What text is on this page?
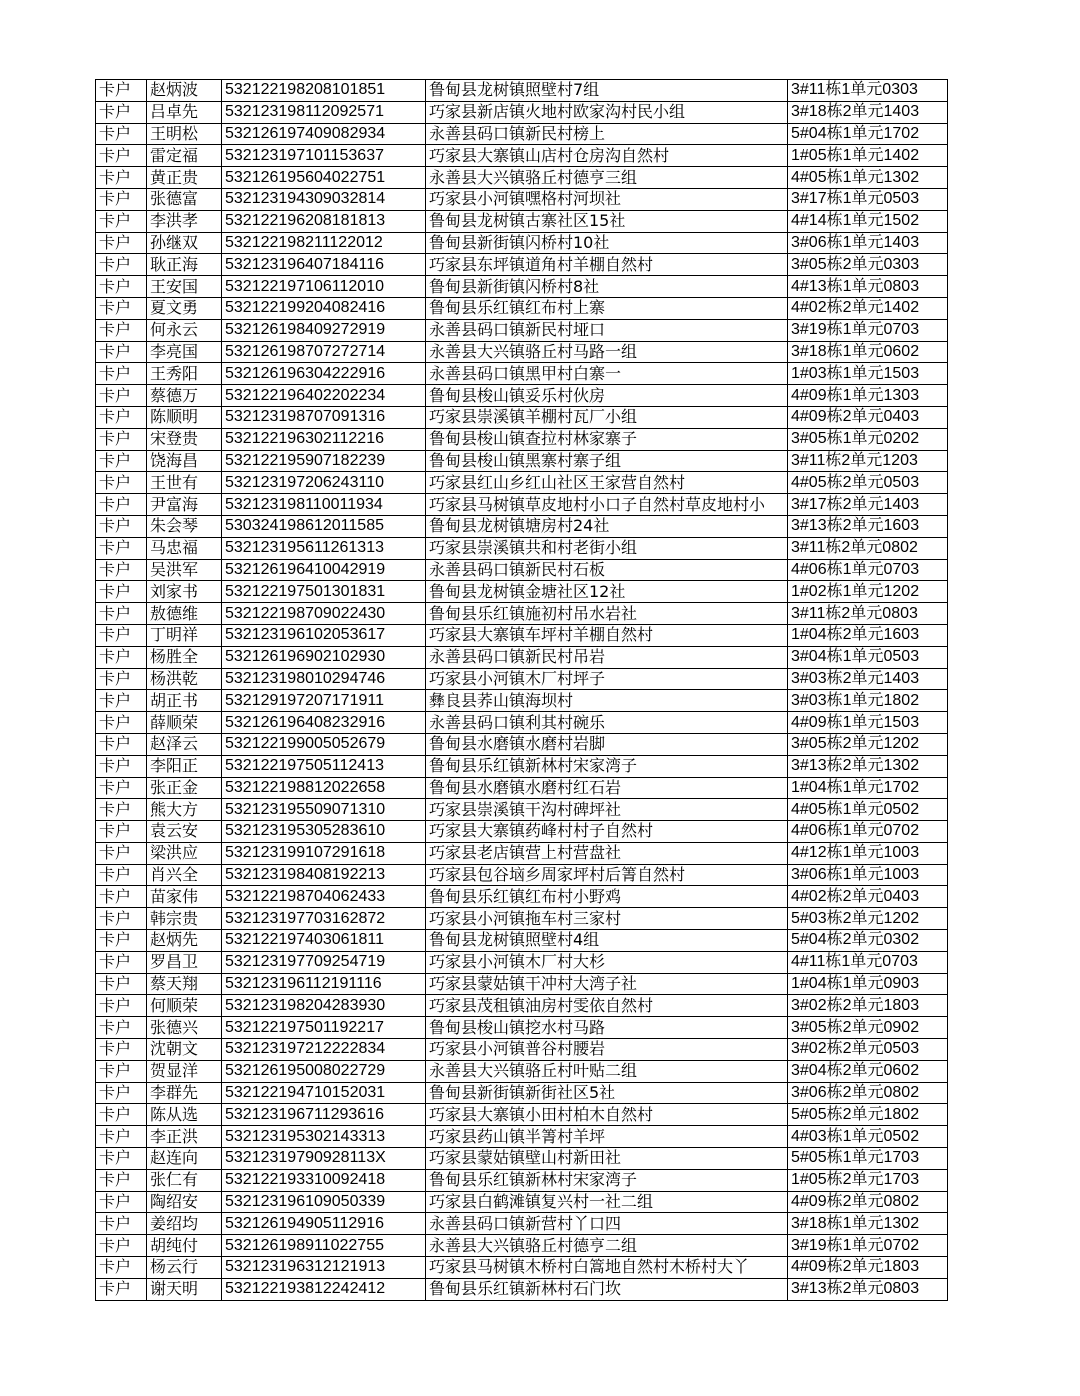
卡户	赵炳波	532122198208101851	鲁甸县龙树镇照壁村7组	3#11栋1单元0303
卡户	吕卓先	532123198112092571	巧家县新店镇火地村欧家沟村民小组	3#18栋2单元1403
卡户	王明松	532126197409082934	永善县码口镇新民村榜上	5#04栋1单元1702
卡户	雷定福	532123197101153637	巧家县大寨镇山店村仓房沟自然村	1#05栋1单元1402
卡户	黄正贵	532126195604022751	永善县大兴镇骆丘村德亨三组	4#05栋1单元1302
卡户	张德富	532123194309032814	巧家县小河镇嘿格村河坝社	3#17栋1单元0503
卡户	李洪孝	532122196208181813	鲁甸县龙树镇古寨社区15社	4#14栋1单元1502
卡户	孙继双	532122198211122012	鲁甸县新街镇闪桥村10社	3#06栋1单元1403
卡户	耿正海	532123196407184116	巧家县东坪镇道角村羊棚自然村	3#05栋2单元0303
卡户	王安国	532122197106112010	鲁甸县新街镇闪桥村8社	4#13栋1单元0803
卡户	夏文勇	532122199204082416	鲁甸县乐红镇红布村上寨	4#02栋2单元1402
卡户	何永云	532126198409272919	永善县码口镇新民村垭口	3#19栋1单元0703
卡户	李亮国	532126198707272714	永善县大兴镇骆丘村马路一组	3#18栋1单元0602
卡户	王秀阳	532126196304222916	永善县码口镇黑甲村白寨一	1#03栋1单元1503
卡户	蔡德万	532122196402202234	鲁甸县梭山镇妥乐村伙房	4#09栋1单元1303
卡户	陈顺明	532123198707091316	巧家县崇溪镇羊棚村瓦厂小组	4#09栋2单元0403
卡户	宋登贵	532122196302112216	鲁甸县梭山镇查拉村林家寨子	3#05栋1单元0202
卡户	饶海昌	532122195907182239	鲁甸县梭山镇黑寨村寨子组	3#11栋2单元1203
卡户	王世有	532123197206243110	巧家县红山乡红山社区王家营自然村	4#05栋2单元0503
卡户	尹富海	532123198110011934	巧家县马树镇草皮地村小口子自然村草皮地村小	3#17栋2单元1403
卡户	朱会琴	530324198612011585	鲁甸县龙树镇塘房村24社	3#13栋2单元1603
卡户	马忠福	532123195611261313	巧家县崇溪镇共和村老街小组	3#11栋2单元0802
卡户	吴洪军	532126196410042919	永善县码口镇新民村石板	4#06栋1单元0703
卡户	刘家书	532122197501301831	鲁甸县龙树镇金塘社区12社	1#02栋1单元1202
卡户	敖德维	532122198709022430	鲁甸县乐红镇施初村吊水岩社	3#11栋2单元0803
卡户	丁明祥	532123196102053617	巧家县大寨镇车坪村羊棚自然村	1#04栋2单元1603
卡户	杨胜全	532126196902102930	永善县码口镇新民村吊岩	3#04栋1单元0503
卡户	杨洪乾	532123198010294746	巧家县小河镇木厂村坪子	3#03栋2单元1403
卡户	胡正书	532129197207171911	彝良县荞山镇海坝村	3#03栋1单元1802
卡户	薛顺荣	532126196408232916	永善县码口镇利其村碗乐	4#09栋1单元1503
卡户	赵泽云	532122199005052679	鲁甸县水磨镇水磨村岩脚	3#05栋2单元1202
卡户	李阳正	532122197505112413	鲁甸县乐红镇新林村宋家湾子	3#13栋2单元1302
卡户	张正金	532122198812022658	鲁甸县水磨镇水磨村红石岩	1#04栋1单元1702
卡户	熊大方	532123195509071310	巧家县崇溪镇干沟村碑坪社	4#05栋1单元0502
卡户	袁云安	532123195305283610	巧家县大寨镇药峰村村子自然村	4#06栋1单元0702
卡户	梁洪应	532123199107291618	巧家县老店镇营上村营盘社	4#12栋1单元1003
卡户	肖兴全	532123198408192213	巧家县包谷垴乡周家坪村后箐自然村	3#06栋1单元1003
卡户	苗家伟	532122198704062433	鲁甸县乐红镇红布村小野鸡	4#02栋2单元0403
卡户	韩宗贵	532123197703162872	巧家县小河镇拖车村三家村	5#03栋2单元1202
卡户	赵炳先	532122197403061811	鲁甸县龙树镇照壁村4组	5#04栋2单元0302
卡户	罗昌卫	532123197709254719	巧家县小河镇木厂村大杉	4#11栋1单元0703
卡户	蔡天翔	532123196112191116	巧家县蒙姑镇干冲村大湾子社	1#04栋1单元0903
卡户	何顺荣	532123198204283930	巧家县茂租镇油房村雯依自然村	3#02栋2单元1803
卡户	张德兴	532122197501192217	鲁甸县梭山镇挖水村马路	3#05栋2单元0902
卡户	沈朝文	532123197212222834	巧家县小河镇普谷村腰岩	3#02栋2单元0503
卡户	贺显洋	532126195008022729	永善县大兴镇骆丘村叶贴二组	3#04栋2单元0602
卡户	李群先	532122194710152031	鲁甸县新街镇新街社区5社	3#06栋2单元0802
卡户	陈从选	532123196711293616	巧家县大寨镇小田村柏木自然村	5#05栋2单元1802
卡户	李正洪	532123195302143313	巧家县药山镇半箐村羊坪	4#03栋1单元0502
卡户	赵连向	53212319790928113X	巧家县蒙姑镇壁山村新田社	5#05栋1单元1703
卡户	张仁有	532122193310092418	鲁甸县乐红镇新林村宋家湾子	1#05栋2单元1703
卡户	陶绍安	532123196109050339	巧家县白鹤滩镇复兴村一社二组	4#09栋2单元0802
卡户	姜绍均	532126194905112916	永善县码口镇新营村丫口四	3#18栋1单元1302
卡户	胡纯付	532126198911022755	永善县大兴镇骆丘村德亨二组	3#19栋1单元0702
卡户	杨云行	532123196312121913	巧家县马树镇木桥村白篙地自然村木桥村大丫	4#09栋2单元1803
卡户	谢天明	532122193812242412	鲁甸县乐红镇新林村石门坎	3#13栋2单元0803
